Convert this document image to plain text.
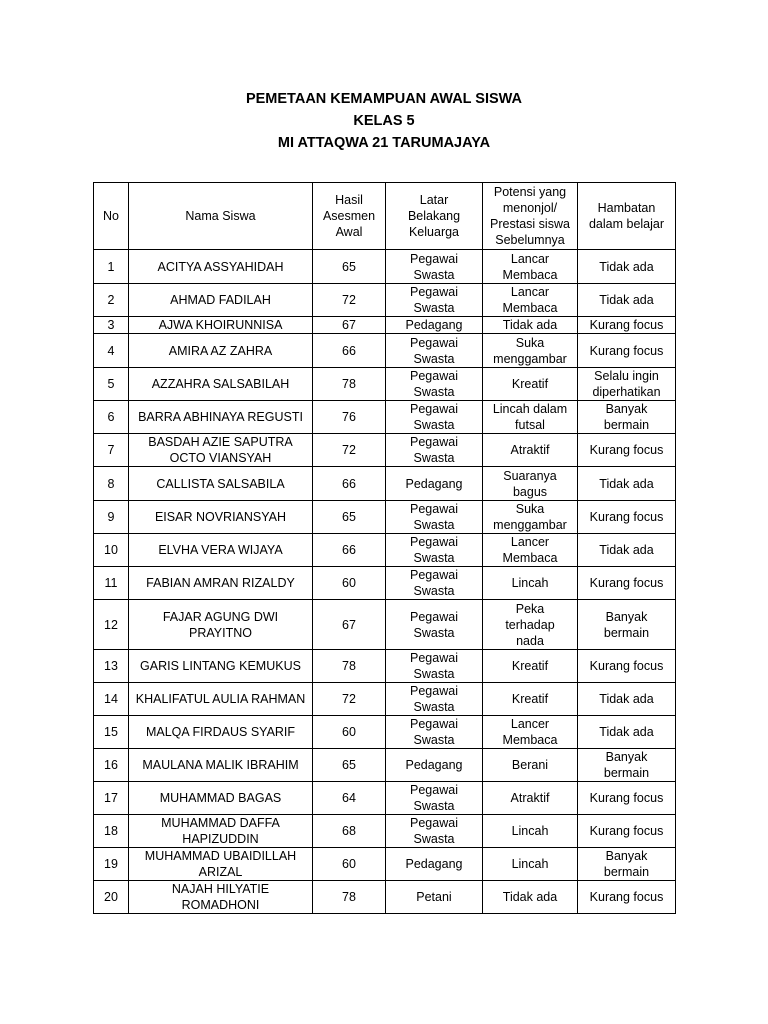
PEMETAAN KEMAMPUAN AWAL SISWA
KELAS 5
MI ATTAQWA 21 TARUMAJAYA
No	Nama Siswa	Hasil
Asesmen
Awal	Latar
Belakang
Keluarga	Potensi yang
menonjol/
Prestasi siswa
Sebelumnya	Hambatan
dalam belajar

1	ACITYA ASSYAHIDAH	65	Pegawai
Swasta	Lancar
Membaca	Tidak ada

2	AHMAD FADILAH	72	Pegawai
Swasta	Lancar
Membaca	Tidak ada

3	AJWA KHOIRUNNISA	67	Pedagang	Tidak ada	Kurang focus

4	AMIRA AZ ZAHRA	66	Pegawai
Swasta	Suka
menggambar	Kurang focus

5	AZZAHRA SALSABILAH	78	Pegawai
Swasta	Kreatif	Selalu ingin
diperhatikan

6	BARRA ABHINAYA REGUSTI	76	Pegawai
Swasta	Lincah dalam
futsal	Banyak
bermain

7	BASDAH AZIE SAPUTRA
OCTO VIANSYAH	72	Pegawai
Swasta	Atraktif	Kurang focus

8	CALLISTA SALSABILA	66	Pedagang	Suaranya
bagus	Tidak ada

9	EISAR NOVRIANSYAH	65	Pegawai
Swasta	Suka
menggambar	Kurang focus

10	ELVHA VERA WIJAYA	66	Pegawai
Swasta	Lancer
Membaca	Tidak ada

11	FABIAN AMRAN RIZALDY	60	Pegawai
Swasta	Lincah	Kurang focus

12	FAJAR AGUNG DWI
PRAYITNO	67	Pegawai
Swasta	Peka
terhadap
nada	Banyak
bermain

13	GARIS LINTANG KEMUKUS	78	Pegawai
Swasta	Kreatif	Kurang focus

14	KHALIFATUL AULIA RAHMAN	72	Pegawai
Swasta	Kreatif	Tidak ada

15	MALQA FIRDAUS SYARIF	60	Pegawai
Swasta	Lancer
Membaca	Tidak ada

16	MAULANA MALIK IBRAHIM	65	Pedagang	Berani	Banyak
bermain

17	MUHAMMAD BAGAS	64	Pegawai
Swasta	Atraktif	Kurang focus

18	MUHAMMAD DAFFA
HAPIZUDDIN	68	Pegawai
Swasta	Lincah	Kurang focus

19	MUHAMMAD UBAIDILLAH
ARIZAL	60	Pedagang	Lincah	Banyak
bermain

20	NAJAH HILYATIE
ROMADHONI	78	Petani	Tidak ada	Kurang focus
